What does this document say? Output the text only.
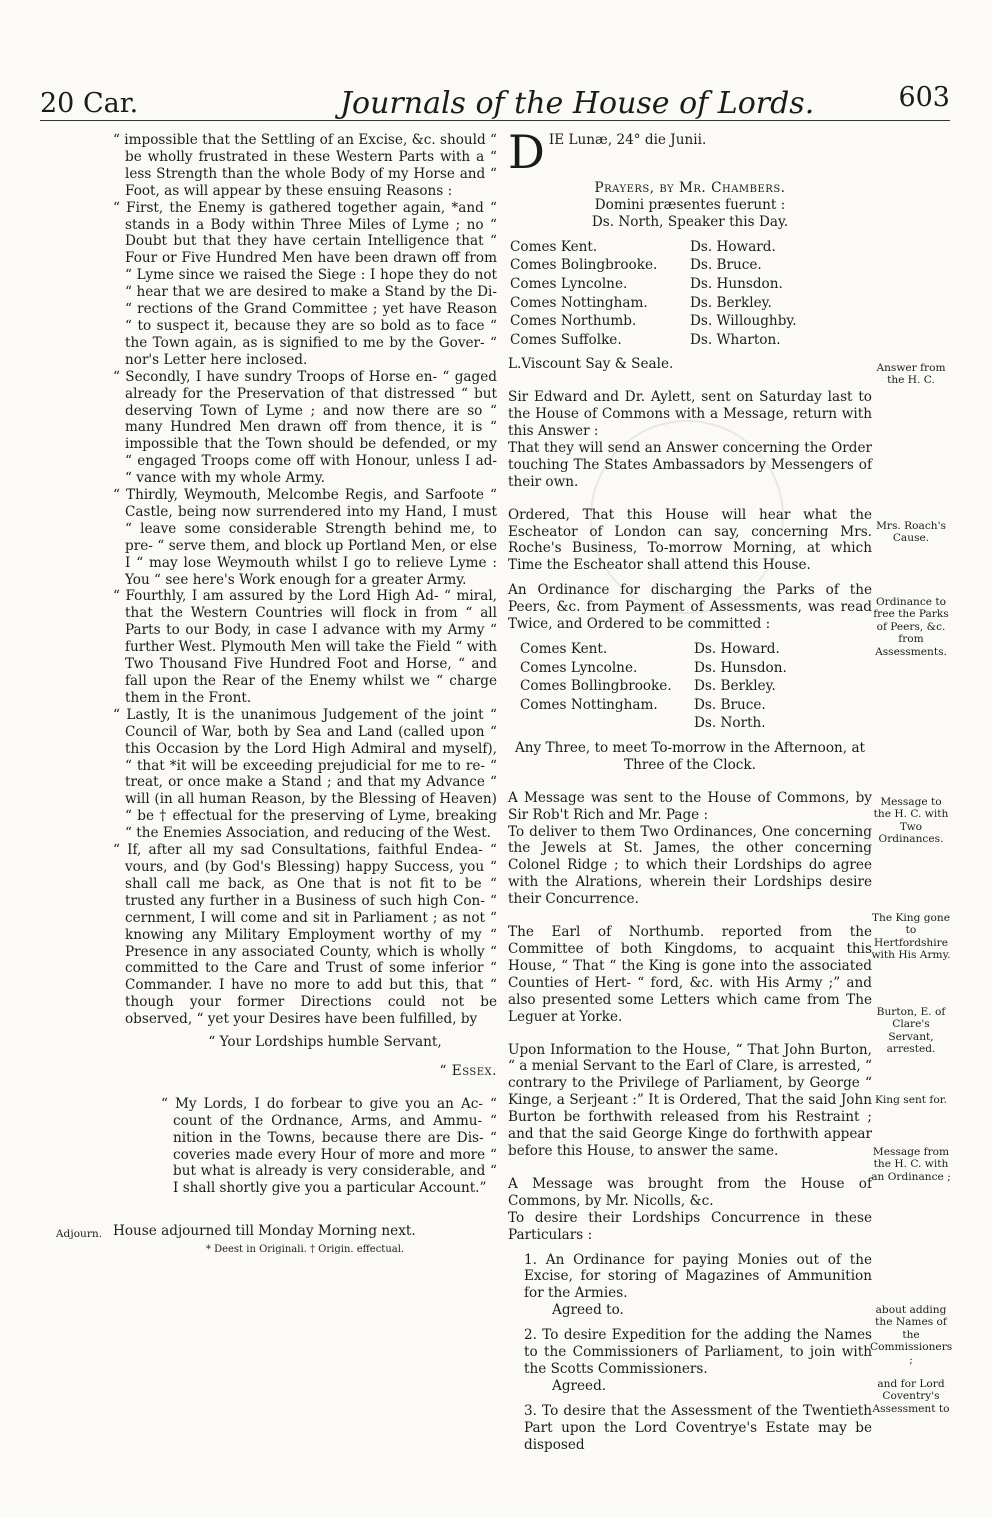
20 Car.	Journals of the House of Lords.	603

“ impossible that the Settling of an Excise, &c. should “ be wholly frustrated in these Western Parts with a “ less Strength than the whole Body of my Horse and “ Foot, as will appear by these ensuing Reasons :

“ First, the Enemy is gathered together again, *and “ stands in a Body within Three Miles of Lyme ; no “ Doubt but that they have certain Intelligence that “ Four or Five Hundred Men have been drawn off from “ Lyme since we raised the Siege : I hope they do not “ hear that we are desired to make a Stand by the Di- “ rections of the Grand Committee ; yet have Reason “ to suspect it, because they are so bold as to face “ the Town again, as is signified to me by the Gover- “ nor's Letter here inclosed.

“ Secondly, I have sundry Troops of Horse en- “ gaged already for the Preservation of that distressed “ but deserving Town of Lyme ; and now there are so “ many Hundred Men drawn off from thence, it is “ impossible that the Town should be defended, or my “ engaged Troops come off with Honour, unless I ad- “ vance with my whole Army.

“ Thirdly, Weymouth, Melcombe Regis, and Sarfoote “ Castle, being now surrendered into my Hand, I must “ leave some considerable Strength behind me, to pre- “ serve them, and block up Portland Men, or else I “ may lose Weymouth whilst I go to relieve Lyme : You “ see here's Work enough for a greater Army.

“ Fourthly, I am assured by the Lord High Ad- “ miral, that the Western Countries will flock in from “ all Parts to our Body, in case I advance with my Army “ further West. Plymouth Men will take the Field “ with Two Thousand Five Hundred Foot and Horse, “ and fall upon the Rear of the Enemy whilst we “ charge them in the Front.

“ Lastly, It is the unanimous Judgement of the joint “ Council of War, both by Sea and Land (called upon “ this Occasion by the Lord High Admiral and myself), “ that *it will be exceeding prejudicial for me to re- “ treat, or once make a Stand ; and that my Advance “ will (in all human Reason, by the Blessing of Heaven) “ be † effectual for the preserving of Lyme, breaking “ the Enemies Association, and reducing of the West.

“ If, after all my sad Consultations, faithful Endea- “ vours, and (by God's Blessing) happy Success, you “ shall call me back, as One that is not fit to be “ trusted any further in a Business of such high Con- “ cernment, I will come and sit in Parliament ; as not “ knowing any Military Employment worthy of my “ Presence in any associated County, which is wholly “ committed to the Care and Trust of some inferior “ Commander. I have no more to add but this, that “ though your former Directions could not be observed, “ yet your Desires have been fulfilled, by

“ Your Lordships humble Servant,

“ Essex.

“ My Lords, I do forbear to give you an Ac- “ count of the Ordnance, Arms, and Ammu- “ nition in the Towns, because there are Dis- “ coveries made every Hour of more and more “ but what is already is very considerable, and “ I shall shortly give you a particular Account.”

House adjourned till Monday Morning next.

* Deest in Originali. † Origin. effectual.

D IE Lunæ, 24° die Junii.

Prayers, by Mr. Chambers.

Domini præsentes fuerunt :

Ds. North, Speaker this Day.

Comes Kent.	Ds. Howard.
Comes Bolingbrooke.	Ds. Bruce.
Comes Lyncolne.	Ds. Hunsdon.
Comes Nottingham.	Ds. Berkley.
Comes Northumb.	Ds. Willoughby.
Comes Suffolke.	Ds. Wharton.

L.Viscount Say & Seale.

Sir Edward and Dr. Aylett, sent on Saturday last to the House of Commons with a Message, return with this Answer :

That they will send an Answer concerning the Order touching The States Ambassadors by Messengers of their own.

Ordered, That this House will hear what the Escheator of London can say, concerning Mrs. Roche's Business, To-morrow Morning, at which Time the Escheator shall attend this House.

An Ordinance for discharging the Parks of the Peers, &c. from Payment of Assessments, was read Twice, and Ordered to be committed :

Comes Kent.	Ds. Howard.
Comes Lyncolne.	Ds. Hunsdon.
Comes Bollingbrooke.	Ds. Berkley.
Comes Nottingham.	Ds. Bruce.
	Ds. North.

Any Three, to meet To-morrow in the Afternoon, at Three of the Clock.

A Message was sent to the House of Commons, by Sir Rob't Rich and Mr. Page :

To deliver to them Two Ordinances, One concerning the Jewels at St. James, the other concerning Colonel Ridge ; to which their Lordships do agree with the Alrations, wherein their Lordships desire their Concurrence.

The Earl of Northumb. reported from the Committee of both Kingdoms, to acquaint this House, “ That “ the King is gone into the associated Counties of Hert- “ ford, &c. with His Army ;” and also presented some Letters which came from The Leguer at Yorke.

Upon Information to the House, “ That John Burton, “ a menial Servant to the Earl of Clare, is arrested, “ contrary to the Privilege of Parliament, by George “ Kinge, a Serjeant :” It is Ordered, That the said John Burton be forthwith released from his Restraint ; and that the said George Kinge do forthwith appear before this House, to answer the same.

A Message was brought from the House of Commons, by Mr. Nicolls, &c.

To desire their Lordships Concurrence in these Particulars :

1. An Ordinance for paying Monies out of the Excise, for storing of Magazines of Ammunition for the Armies.

Agreed to.

2. To desire Expedition for the adding the Names to the Commissioners of Parliament, to join with the Scotts Commissioners.

Agreed.

3. To desire that the Assessment of the Twentieth Part upon the Lord Coventrye's Estate may be disposed

Adjourn.
Answer from the H. C.
Mrs. Roach's Cause.
Ordinance to free the Parks of Peers, &c. from Assessments.
Message to the H. C. with Two Ordinances.
The King gone to Hertfordshire with His Army.
Burton, E. of Clare's Servant, arrested.
King sent for.
Message from the H. C. with an Ordinance ;
about adding the Names of the Commissioners ;
and for Lord Coventry's Assessment to
